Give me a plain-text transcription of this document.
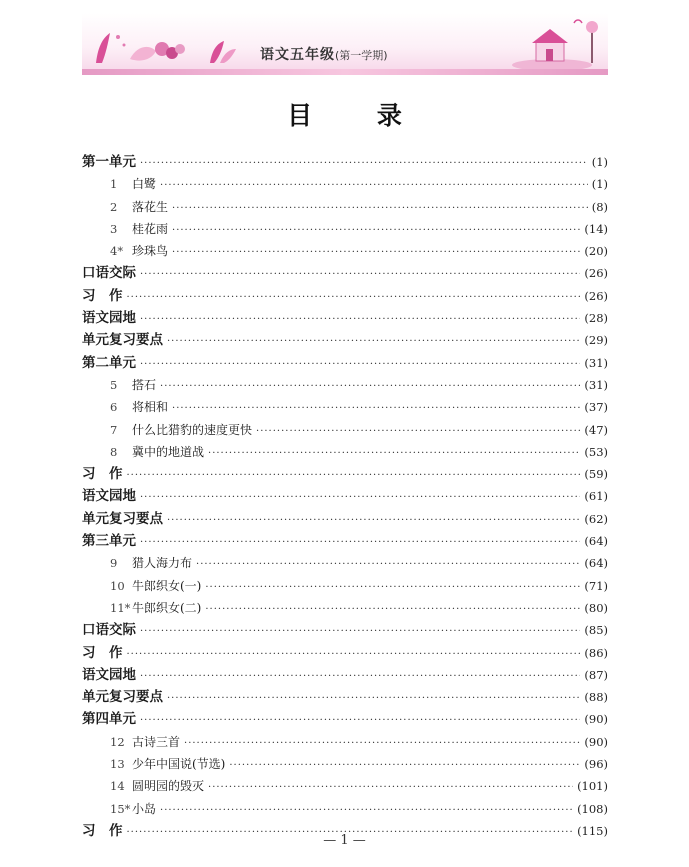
语文五年级(第一学期)
目 录
第一单元 ·····	(1)
1 白鹭 ·····	(1)
2 落花生 ·····	(8)
3 桂花雨 ·····	(14)
4* 珍珠鸟 ·····	(20)
口语交际 ·····	(26)
习　作 ·····	(26)
语文园地 ·····	(28)
单元复习要点 ·····	(29)
第二单元 ·····	(31)
5 搭石 ·····	(31)
6 将相和 ·····	(37)
7 什么比猎豹的速度更快 ·····	(47)
8 冀中的地道战 ·····	(53)
习　作 ·····	(59)
语文园地 ·····	(61)
单元复习要点 ·····	(62)
第三单元 ·····	(64)
9 猎人海力布 ·····	(64)
10 牛郎织女(一) ·····	(71)
11* 牛郎织女(二) ·····	(80)
口语交际 ·····	(85)
习　作 ·····	(86)
语文园地 ·····	(87)
单元复习要点 ·····	(88)
第四单元 ·····	(90)
12 古诗三首 ·····	(90)
13 少年中国说(节选) ·····	(96)
14 圆明园的毁灭 ·····	(101)
15* 小岛 ·····	(108)
习　作 ·····	(115)
— 1 —
